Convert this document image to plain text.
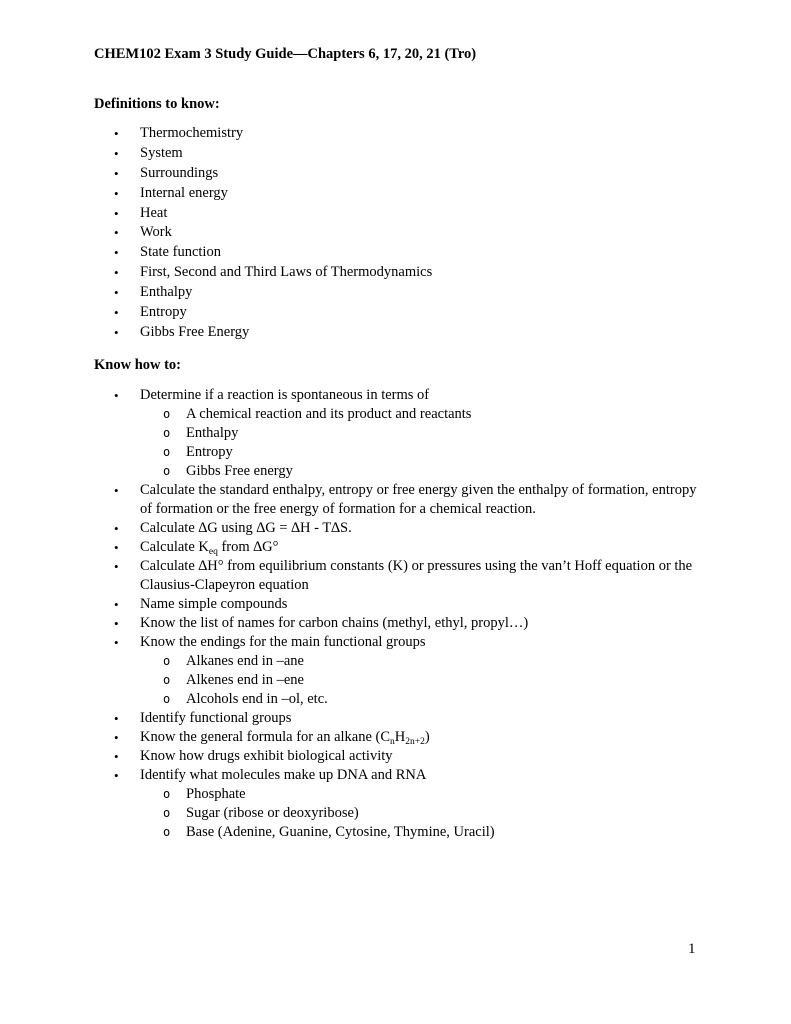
CHEM102 Exam 3 Study Guide—Chapters 6, 17, 20, 21 (Tro)
Definitions to know:
• Thermochemistry
• System
• Surroundings
• Internal energy
• Heat
• Work
• State function
• First, Second and Third Laws of Thermodynamics
• Enthalpy
• Entropy
• Gibbs Free Energy
Know how to:
• Determine if a reaction is spontaneous in terms of
o A chemical reaction and its product and reactants
o Enthalpy
o Entropy
o Gibbs Free energy
• Calculate the standard enthalpy, entropy or free energy given the enthalpy of formation, entropy of formation or the free energy of formation for a chemical reaction.
• Calculate ∆G using ∆G = ∆H - T∆S.
• Calculate $K_{eq}$ from ∆G°
• Calculate ∆H° from equilibrium constants (K) or pressures using the van’t Hoff equation or the Clausius-Clapeyron equation
• Name simple compounds
• Know the list of names for carbon chains (methyl, ethyl, propyl…)
• Know the endings for the main functional groups
o Alkanes end in –ane
o Alkenes end in –ene
o Alcohols end in –ol, etc.
• Identify functional groups
• Know the general formula for an alkane $(C_nH_{2n+2})$
• Know how drugs exhibit biological activity
• Identify what molecules make up DNA and RNA
o Phosphate
o Sugar (ribose or deoxyribose)
o Base (Adenine, Guanine, Cytosine, Thymine, Uracil)
1
